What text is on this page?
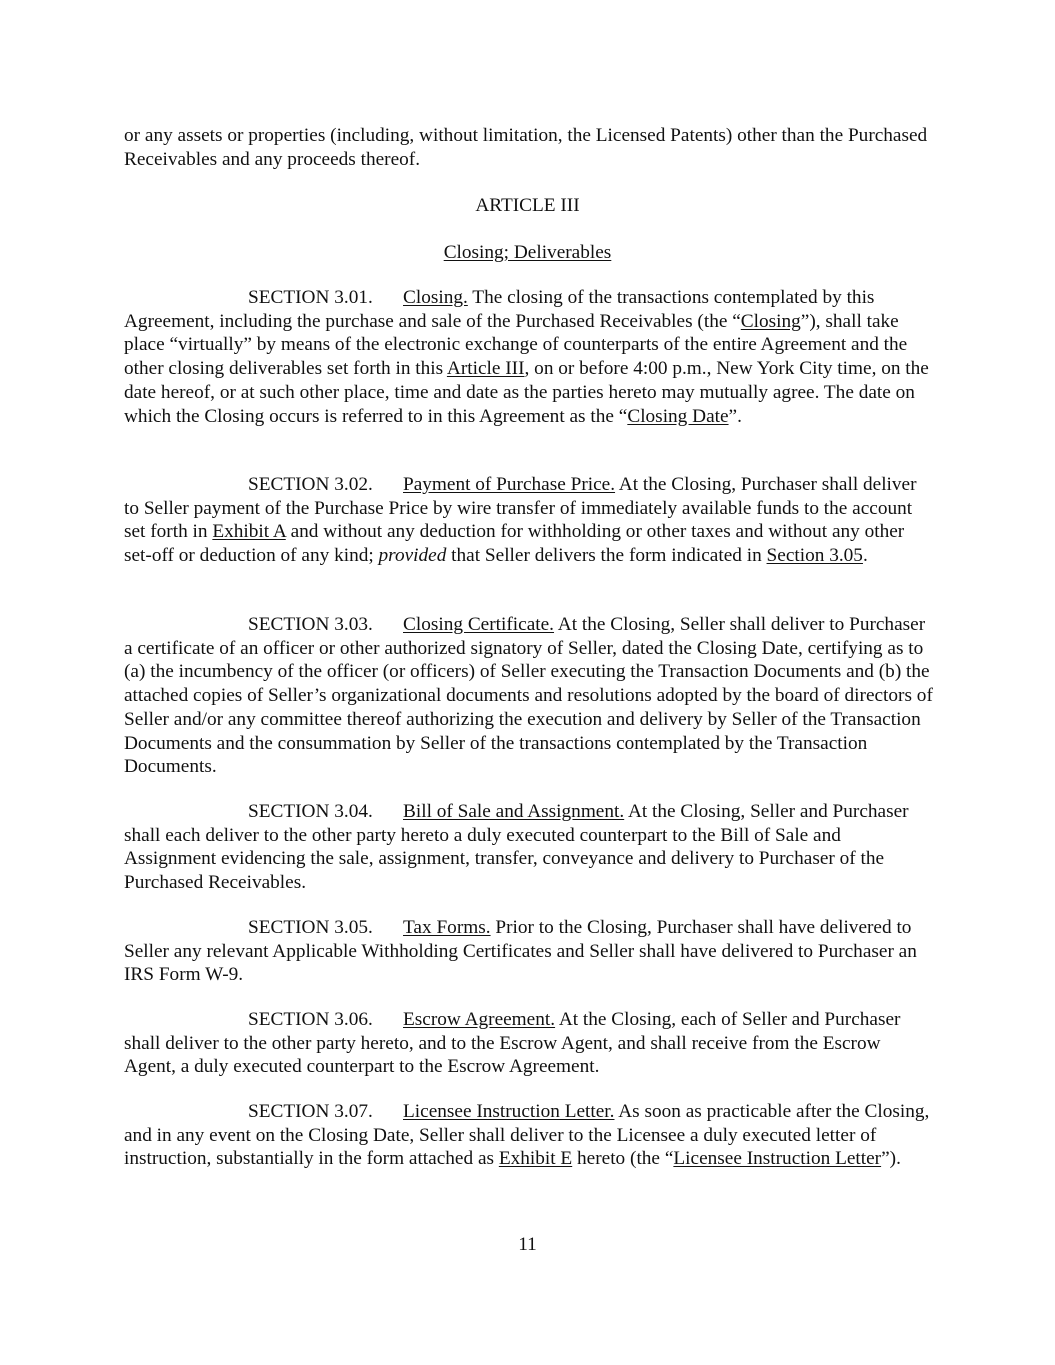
or any assets or properties (including, without limitation, the Licensed Patents) other than the Purchased Receivables and any proceeds thereof.

ARTICLE III

Closing; Deliverables

SECTION 3.01. Closing. The closing of the transactions contemplated by this Agreement, including the purchase and sale of the Purchased Receivables (the “Closing”), shall take place “virtually” by means of the electronic exchange of counterparts of the entire Agreement and the other closing deliverables set forth in this Article III, on or before 4:00 p.m., New York City time, on the date hereof, or at such other place, time and date as the parties hereto may mutually agree. The date on which the Closing occurs is referred to in this Agreement as the “Closing Date”.

SECTION 3.02. Payment of Purchase Price. At the Closing, Purchaser shall deliver to Seller payment of the Purchase Price by wire transfer of immediately available funds to the account set forth in Exhibit A and without any deduction for withholding or other taxes and without any other set-off or deduction of any kind; provided that Seller delivers the form indicated in Section 3.05.

SECTION 3.03. Closing Certificate. At the Closing, Seller shall deliver to Purchaser a certificate of an officer or other authorized signatory of Seller, dated the Closing Date, certifying as to (a) the incumbency of the officer (or officers) of Seller executing the Transaction Documents and (b) the attached copies of Seller’s organizational documents and resolutions adopted by the board of directors of Seller and/or any committee thereof authorizing the execution and delivery by Seller of the Transaction Documents and the consummation by Seller of the transactions contemplated by the Transaction Documents.

SECTION 3.04. Bill of Sale and Assignment. At the Closing, Seller and Purchaser shall each deliver to the other party hereto a duly executed counterpart to the Bill of Sale and Assignment evidencing the sale, assignment, transfer, conveyance and delivery to Purchaser of the Purchased Receivables.

SECTION 3.05. Tax Forms. Prior to the Closing, Purchaser shall have delivered to Seller any relevant Applicable Withholding Certificates and Seller shall have delivered to Purchaser an IRS Form W-9.

SECTION 3.06. Escrow Agreement. At the Closing, each of Seller and Purchaser shall deliver to the other party hereto, and to the Escrow Agent, and shall receive from the Escrow Agent, a duly executed counterpart to the Escrow Agreement.

SECTION 3.07. Licensee Instruction Letter. As soon as practicable after the Closing, and in any event on the Closing Date, Seller shall deliver to the Licensee a duly executed letter of instruction, substantially in the form attached as Exhibit E hereto (the “Licensee Instruction Letter”).

11
